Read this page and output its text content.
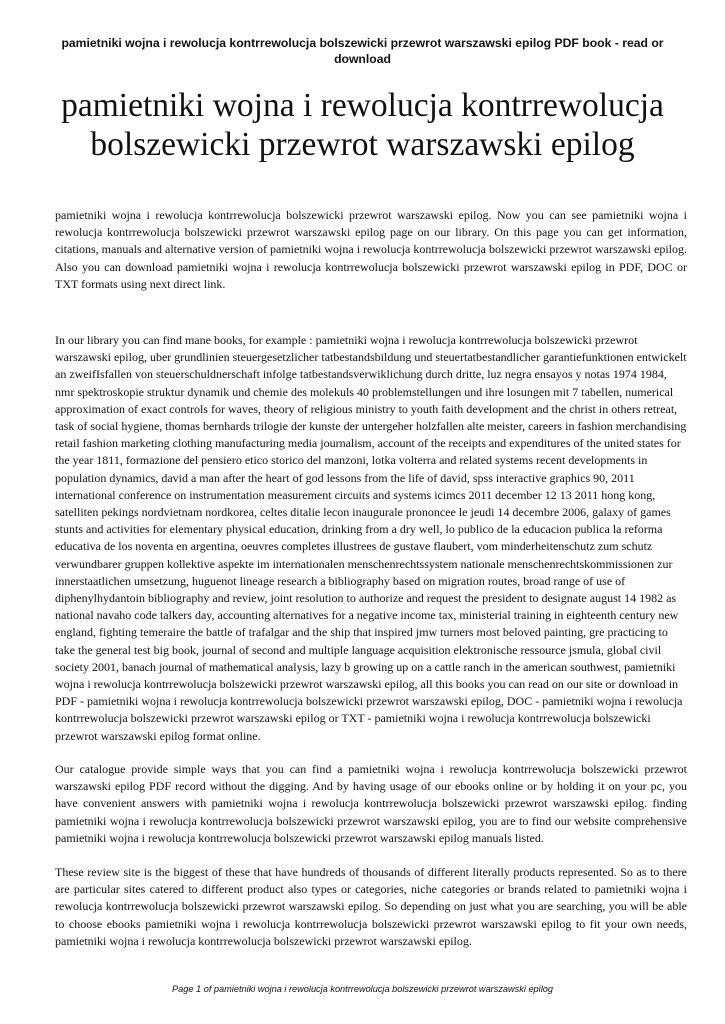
pamietniki wojna i rewolucja kontrrewolucja bolszewicki przewrot warszawski epilog PDF book - read or download
pamietniki wojna i rewolucja kontrrewolucja bolszewicki przewrot warszawski epilog

pamietniki wojna i rewolucja kontrrewolucja bolszewicki przewrot warszawski epilog. Now you can see pamietniki wojna i rewolucja kontrrewolucja bolszewicki przewrot warszawski epilog page on our library. On this page you can get information, citations, manuals and alternative version of pamietniki wojna i rewolucja kontrrewolucja bolszewicki przewrot warszawski epilog. Also you can download pamietniki wojna i rewolucja kontrrewolucja bolszewicki przewrot warszawski epilog in PDF, DOC or TXT formats using next direct link.

In our library you can find mane books, for example : pamietniki wojna i rewolucja kontrrewolucja bolszewicki przewrot warszawski epilog, uber grundlinien steuergesetzlicher tatbestandsbildung und steuertatbestandlicher garantiefunktionen entwickelt an zweifIsfallen von steuerschuldnerschaft infolge tatbestandsverwiklichung durch dritte, luz negra ensayos y notas 1974 1984, nmr spektroskopie struktur dynamik und chemie des molekuls 40 problemstellungen und ihre losungen mit 7 tabellen, numerical approximation of exact controls for waves, theory of religious ministry to youth faith development and the christ in others retreat, task of social hygiene, thomas bernhards trilogie der kunste der untergeher holzfallen alte meister, careers in fashion merchandising retail fashion marketing clothing manufacturing media journalism, account of the receipts and expenditures of the united states for the year 1811, formazione del pensiero etico storico del manzoni, lotka volterra and related systems recent developments in population dynamics, david a man after the heart of god lessons from the life of david, spss interactive graphics 90, 2011 international conference on instrumentation measurement circuits and systems icimcs 2011 december 12 13 2011 hong kong, satelliten pekings nordvietnam nordkorea, celtes ditalie lecon inaugurale prononcee le jeudi 14 decembre 2006, galaxy of games stunts and activities for elementary physical education, drinking from a dry well, lo publico de la educacion publica la reforma educativa de los noventa en argentina, oeuvres completes illustrees de gustave flaubert, vom minderheitenschutz zum schutz verwundbarer gruppen kollektive aspekte im internationalen menschenrechtssystem nationale menschenrechtskommissionen zur innerstaatlichen umsetzung, huguenot lineage research a bibliography based on migration routes, broad range of use of diphenylhydantoin bibliography and review, joint resolution to authorize and request the president to designate august 14 1982 as national navaho code talkers day, accounting alternatives for a negative income tax, ministerial training in eighteenth century new england, fighting temeraire the battle of trafalgar and the ship that inspired jmw turners most beloved painting, gre practicing to take the general test big book, journal of second and multiple language acquisition elektronische ressource jsmula, global civil society 2001, banach journal of mathematical analysis, lazy b growing up on a cattle ranch in the american southwest, pamietniki wojna i rewolucja kontrrewolucja bolszewicki przewrot warszawski epilog, all this books you can read on our site or download in PDF - pamietniki wojna i rewolucja kontrrewolucja bolszewicki przewrot warszawski epilog, DOC - pamietniki wojna i rewolucja kontrrewolucja bolszewicki przewrot warszawski epilog or TXT - pamietniki wojna i rewolucja kontrrewolucja bolszewicki przewrot warszawski epilog format online.

Our catalogue provide simple ways that you can find a pamietniki wojna i rewolucja kontrrewolucja bolszewicki przewrot warszawski epilog PDF record without the digging. And by having usage of our ebooks online or by holding it on your pc, you have convenient answers with pamietniki wojna i rewolucja kontrrewolucja bolszewicki przewrot warszawski epilog. finding pamietniki wojna i rewolucja kontrrewolucja bolszewicki przewrot warszawski epilog, you are to find our website comprehensive pamietniki wojna i rewolucja kontrrewolucja bolszewicki przewrot warszawski epilog manuals listed.

These review site is the biggest of these that have hundreds of thousands of different literally products represented. So as to there are particular sites catered to different product also types or categories, niche categories or brands related to pamietniki wojna i rewolucja kontrrewolucja bolszewicki przewrot warszawski epilog. So depending on just what you are searching, you will be able to choose ebooks pamietniki wojna i rewolucja kontrrewolucja bolszewicki przewrot warszawski epilog to fit your own needs, pamietniki wojna i rewolucja kontrrewolucja bolszewicki przewrot warszawski epilog.

Page 1 of pamietniki wojna i rewolucja kontrrewolucja bolszewicki przewrot warszawski epilog
